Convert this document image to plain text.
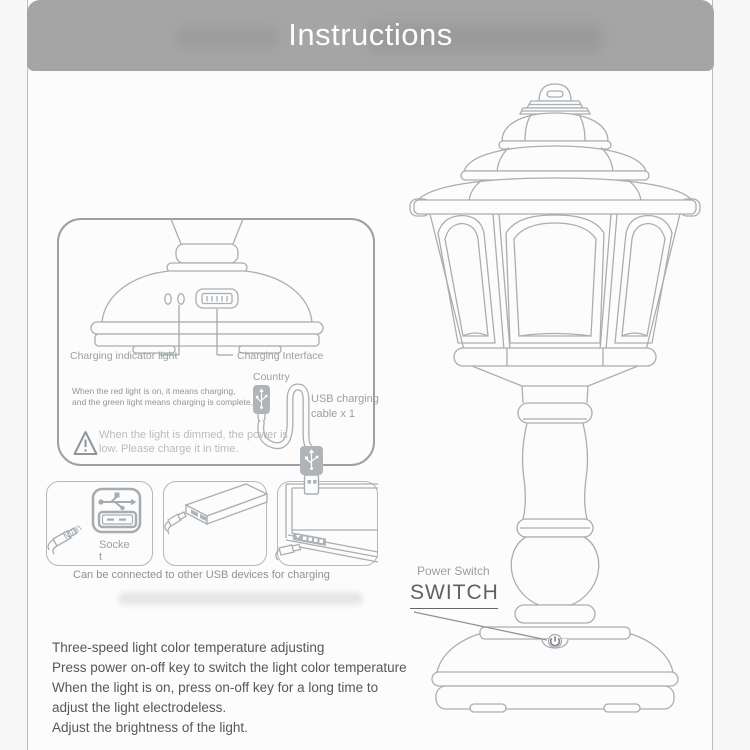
Instructions
Charging indicator light	Charging Interface
Country
USB charging
cable x 1
When the red light is on, it means charging,
and the green light means charging is complete.
When the light is dimmed, the power is
low. Please charge it in time.
Man
Socket
Can be connected to other USB devices for charging	Power Switch
SWITCH
Three-speed light color temperature adjusting
Press power on-off key to switch the light color temperature
When the light is on, press on-off key for a long time to
adjust the light electrodeless.
Adjust the brightness of the light.
